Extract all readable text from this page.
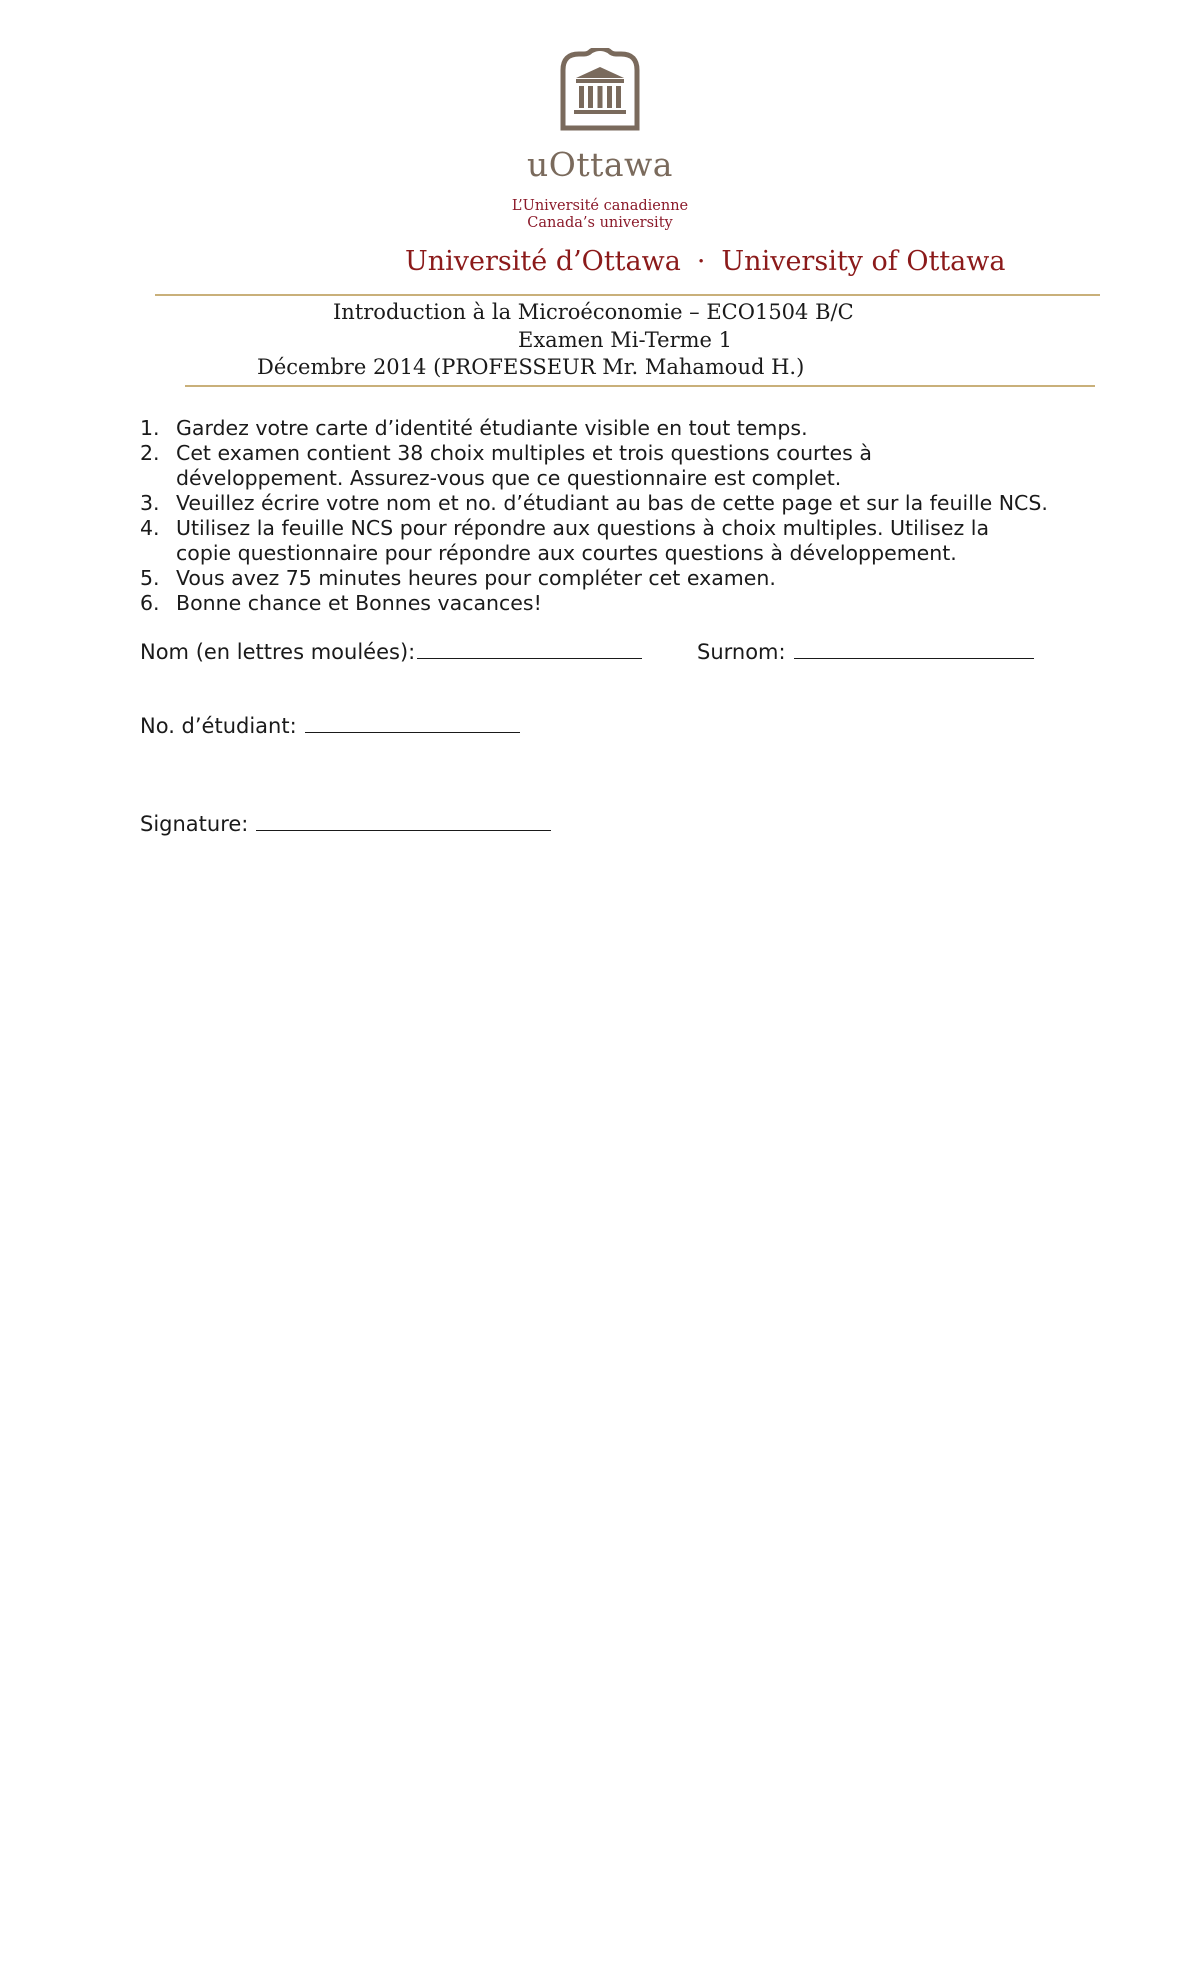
uOttawa
L’Université canadienne
Canada’s university
Université d’Ottawa · University of Ottawa
Introduction à la Microéconomie – ECO1504 B/C
Examen Mi-Terme 1
Décembre 2014 (PROFESSEUR Mr. Mahamoud H.)
1. Gardez votre carte d’identité étudiante visible en tout temps.
2. Cet examen contient 38 choix multiples et trois questions courtes à
développement. Assurez-vous que ce questionnaire est complet.
3. Veuillez écrire votre nom et no. d’étudiant au bas de cette page et sur la feuille NCS.
4. Utilisez la feuille NCS pour répondre aux questions à choix multiples. Utilisez la
copie questionnaire pour répondre aux courtes questions à développement.
5. Vous avez 75 minutes heures pour compléter cet examen.
6. Bonne chance et Bonnes vacances!
Nom (en lettres moulées):	Surnom:
No. d’étudiant:
Signature:
